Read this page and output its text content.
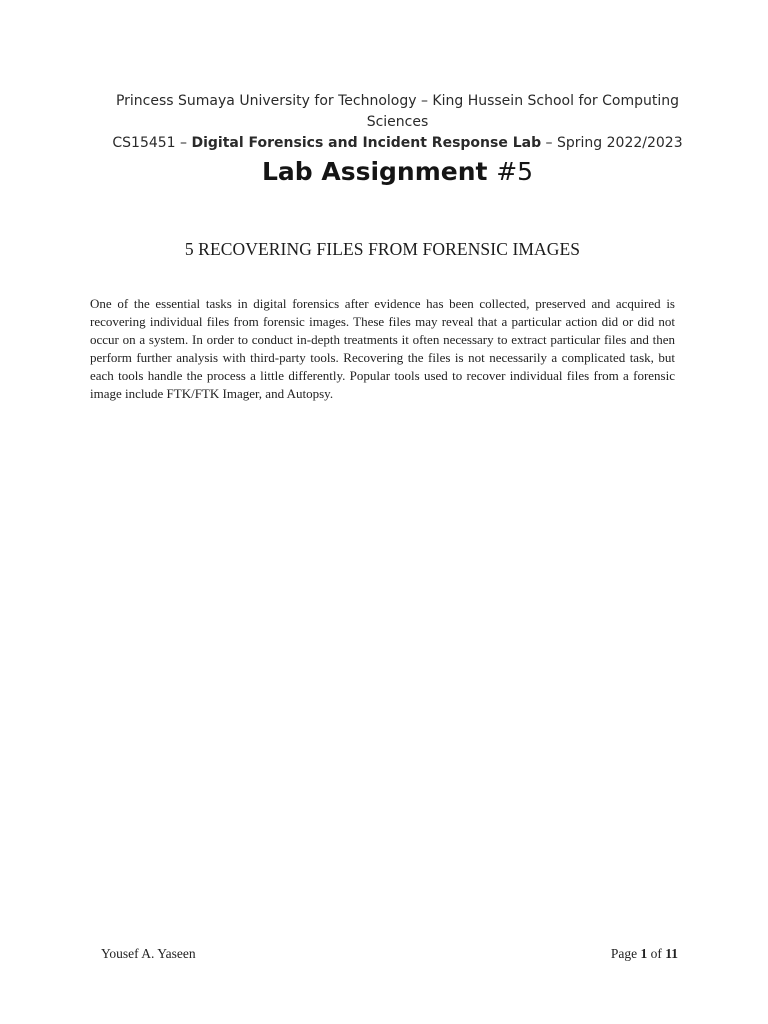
Princess Sumaya University for Technology – King Hussein School for Computing
Sciences
CS15451 – Digital Forensics and Incident Response Lab – Spring 2022/2023
Lab Assignment #5
5 RECOVERING FILES FROM FORENSIC IMAGES

One of the essential tasks in digital forensics after evidence has been collected, preserved and acquired is recovering individual files from forensic images. These files may reveal that a particular action did or did not occur on a system. In order to conduct in-depth treatments it often necessary to extract particular files and then perform further analysis with third-party tools. Recovering the files is not necessarily a complicated task, but each tools handle the process a little differently. Popular tools used to recover individual files from a forensic image include FTK/FTK Imager, and Autopsy.

Yousef A. Yaseen	Page 1 of 11
